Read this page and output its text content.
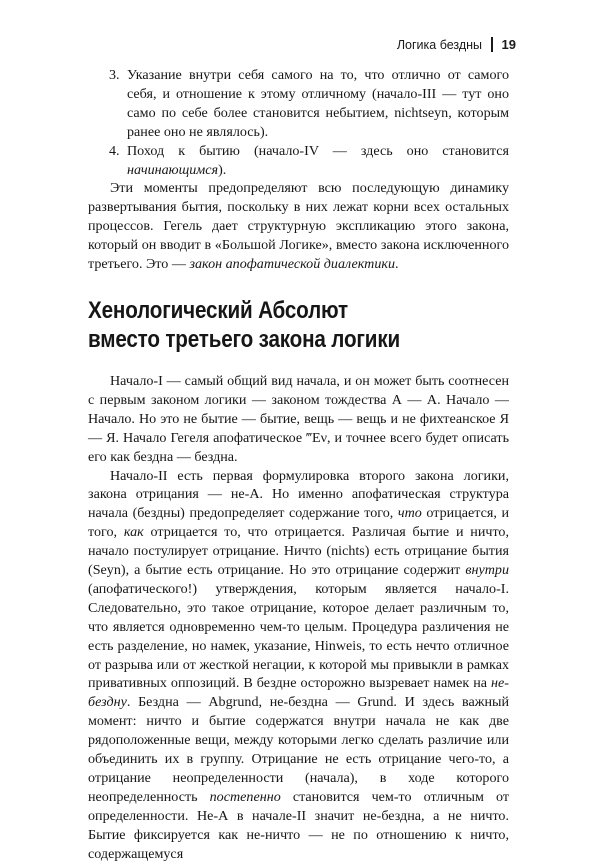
Логика бездны 19
3. Указание внутри себя самого на то, что отлично от самого себя, и отношение к этому отличному (начало-III — тут оно само по себе более становится небытием, nichtseyn, которым ранее оно не являлось).
4. Поход к бытию (начало-IV — здесь оно становится начинающимся).

Эти моменты предопределяют всю последующую динамику развертывания бытия, поскольку в них лежат корни всех остальных процессов. Гегель дает структурную экспликацию этого закона, который он вводит в «Большой Логике», вместо закона исключенного третьего. Это — закон апофатической диалектики.

Хенологический Абсолют
вместо третьего закона логики

Начало-I — самый общий вид начала, и он может быть соотнесен с первым законом логики — законом тождества А — А. Начало — Начало. Но это не бытие — бытие, вещь — вещь и не фихтеанское Я — Я. Начало Гегеля апофатическое ‴Εν, и точнее всего будет описать его как бездна — бездна.

Начало-II есть первая формулировка второго закона логики, закона отрицания — не-А. Но именно апофатическая структура начала (бездны) предопределяет содержание того, что отрицается, и того, как отрицается то, что отрицается. Различая бытие и ничто, начало постулирует отрицание. Ничто (nichts) есть отрицание бытия (Seyn), а бытие есть отрицание. Но это отрицание содержит внутри (апофатического!) утверждения, которым является начало-I. Следовательно, это такое отрицание, которое делает различным то, что является одновременно чем-то целым. Процедура различения не есть разделение, но намек, указание, Hinweis, то есть нечто отличное от разрыва или от жесткой негации, к которой мы привыкли в рамках привативных оппозиций. В бездне осторожно вызревает намек на не-бездну. Бездна — Abgrund, не-бездна — Grund. И здесь важный момент: ничто и бытие содержатся внутри начала не как две рядоположенные вещи, между которыми легко сделать различие или объединить их в группу. Отрицание не есть отрицание чего-то, а отрицание неопределенности (начала), в ходе которого неопределенность постепенно становится чем-то отличным от определенности. Не-А в начале-II значит не-бездна, а не ничто. Бытие фиксируется как не-ничто — не по отношению к ничто, содержащемуся
